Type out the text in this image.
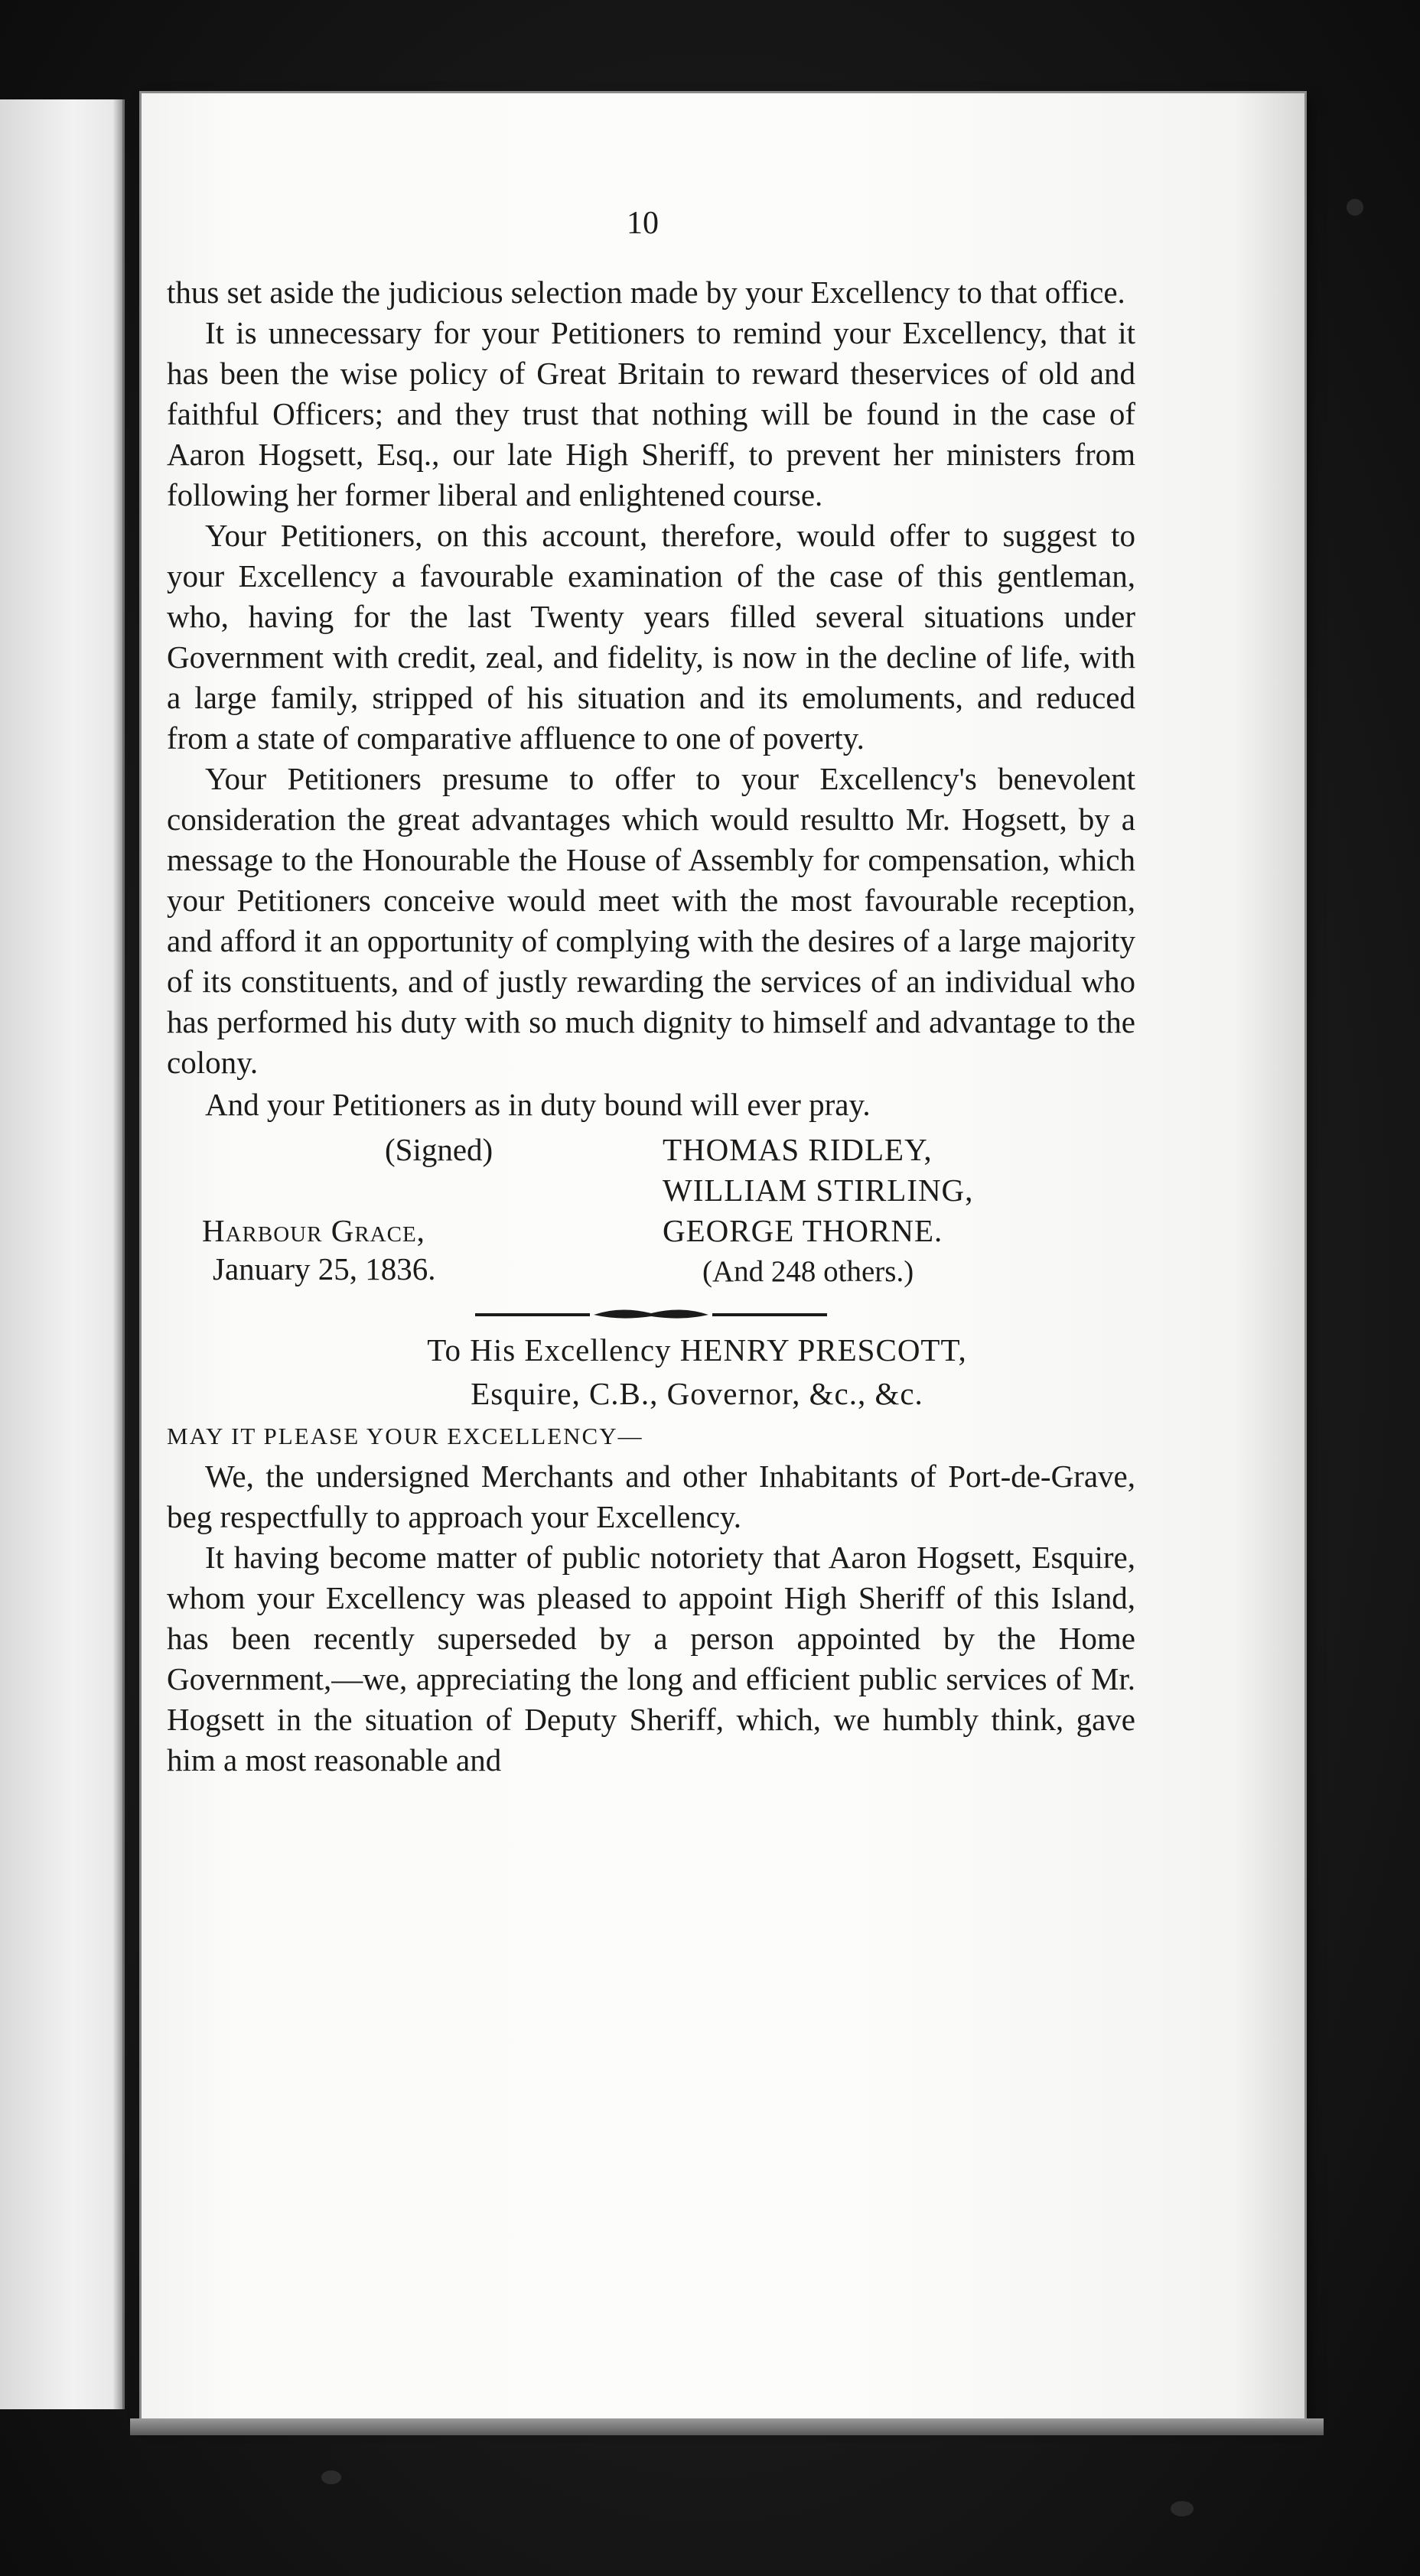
10

thus set aside the judicious selection made by your Excellency to that office.

It is unnecessary for your Petitioners to remind your Excellency, that it has been the wise policy of Great Britain to reward theservices of old and faithful Officers; and they trust that nothing will be found in the case of Aaron Hogsett, Esq., our late High Sheriff, to prevent her ministers from following her former liberal and enlightened course.

Your Petitioners, on this account, therefore, would offer to suggest to your Excellency a favourable examination of the case of this gentleman, who, having for the last Twenty years filled several situations under Government with credit, zeal, and fidelity, is now in the decline of life, with a large family, stripped of his situation and its emoluments, and reduced from a state of comparative affluence to one of poverty.

Your Petitioners presume to offer to your Excellency's benevolent consideration the great advantages which would resultto Mr. Hogsett, by a message to the Honourable the House of Assembly for compensation, which your Petitioners conceive would meet with the most favourable reception, and afford it an opportunity of complying with the desires of a large majority of its constituents, and of justly rewarding the services of an individual who has performed his duty with so much dignity to himself and advantage to the colony.

And your Petitioners as in duty bound will ever pray.

(Signed)
Harbour Grace,
January 25, 1836.
THOMAS RIDLEY,
WILLIAM STIRLING,
GEORGE THORNE.
(And 248 others.)

To His Excellency HENRY PRESCOTT,

Esquire, C.B., Governor, &c., &c.

MAY IT PLEASE YOUR EXCELLENCY—

We, the undersigned Merchants and other Inhabitants of Port-de-Grave, beg respectfully to approach your Excellency.

It having become matter of public notoriety that Aaron Hogsett, Esquire, whom your Excellency was pleased to appoint High Sheriff of this Island, has been recently superseded by a person appointed by the Home Government,—we, appreciating the long and efficient public services of Mr. Hogsett in the situation of Deputy Sheriff, which, we humbly think, gave him a most reasonable and
